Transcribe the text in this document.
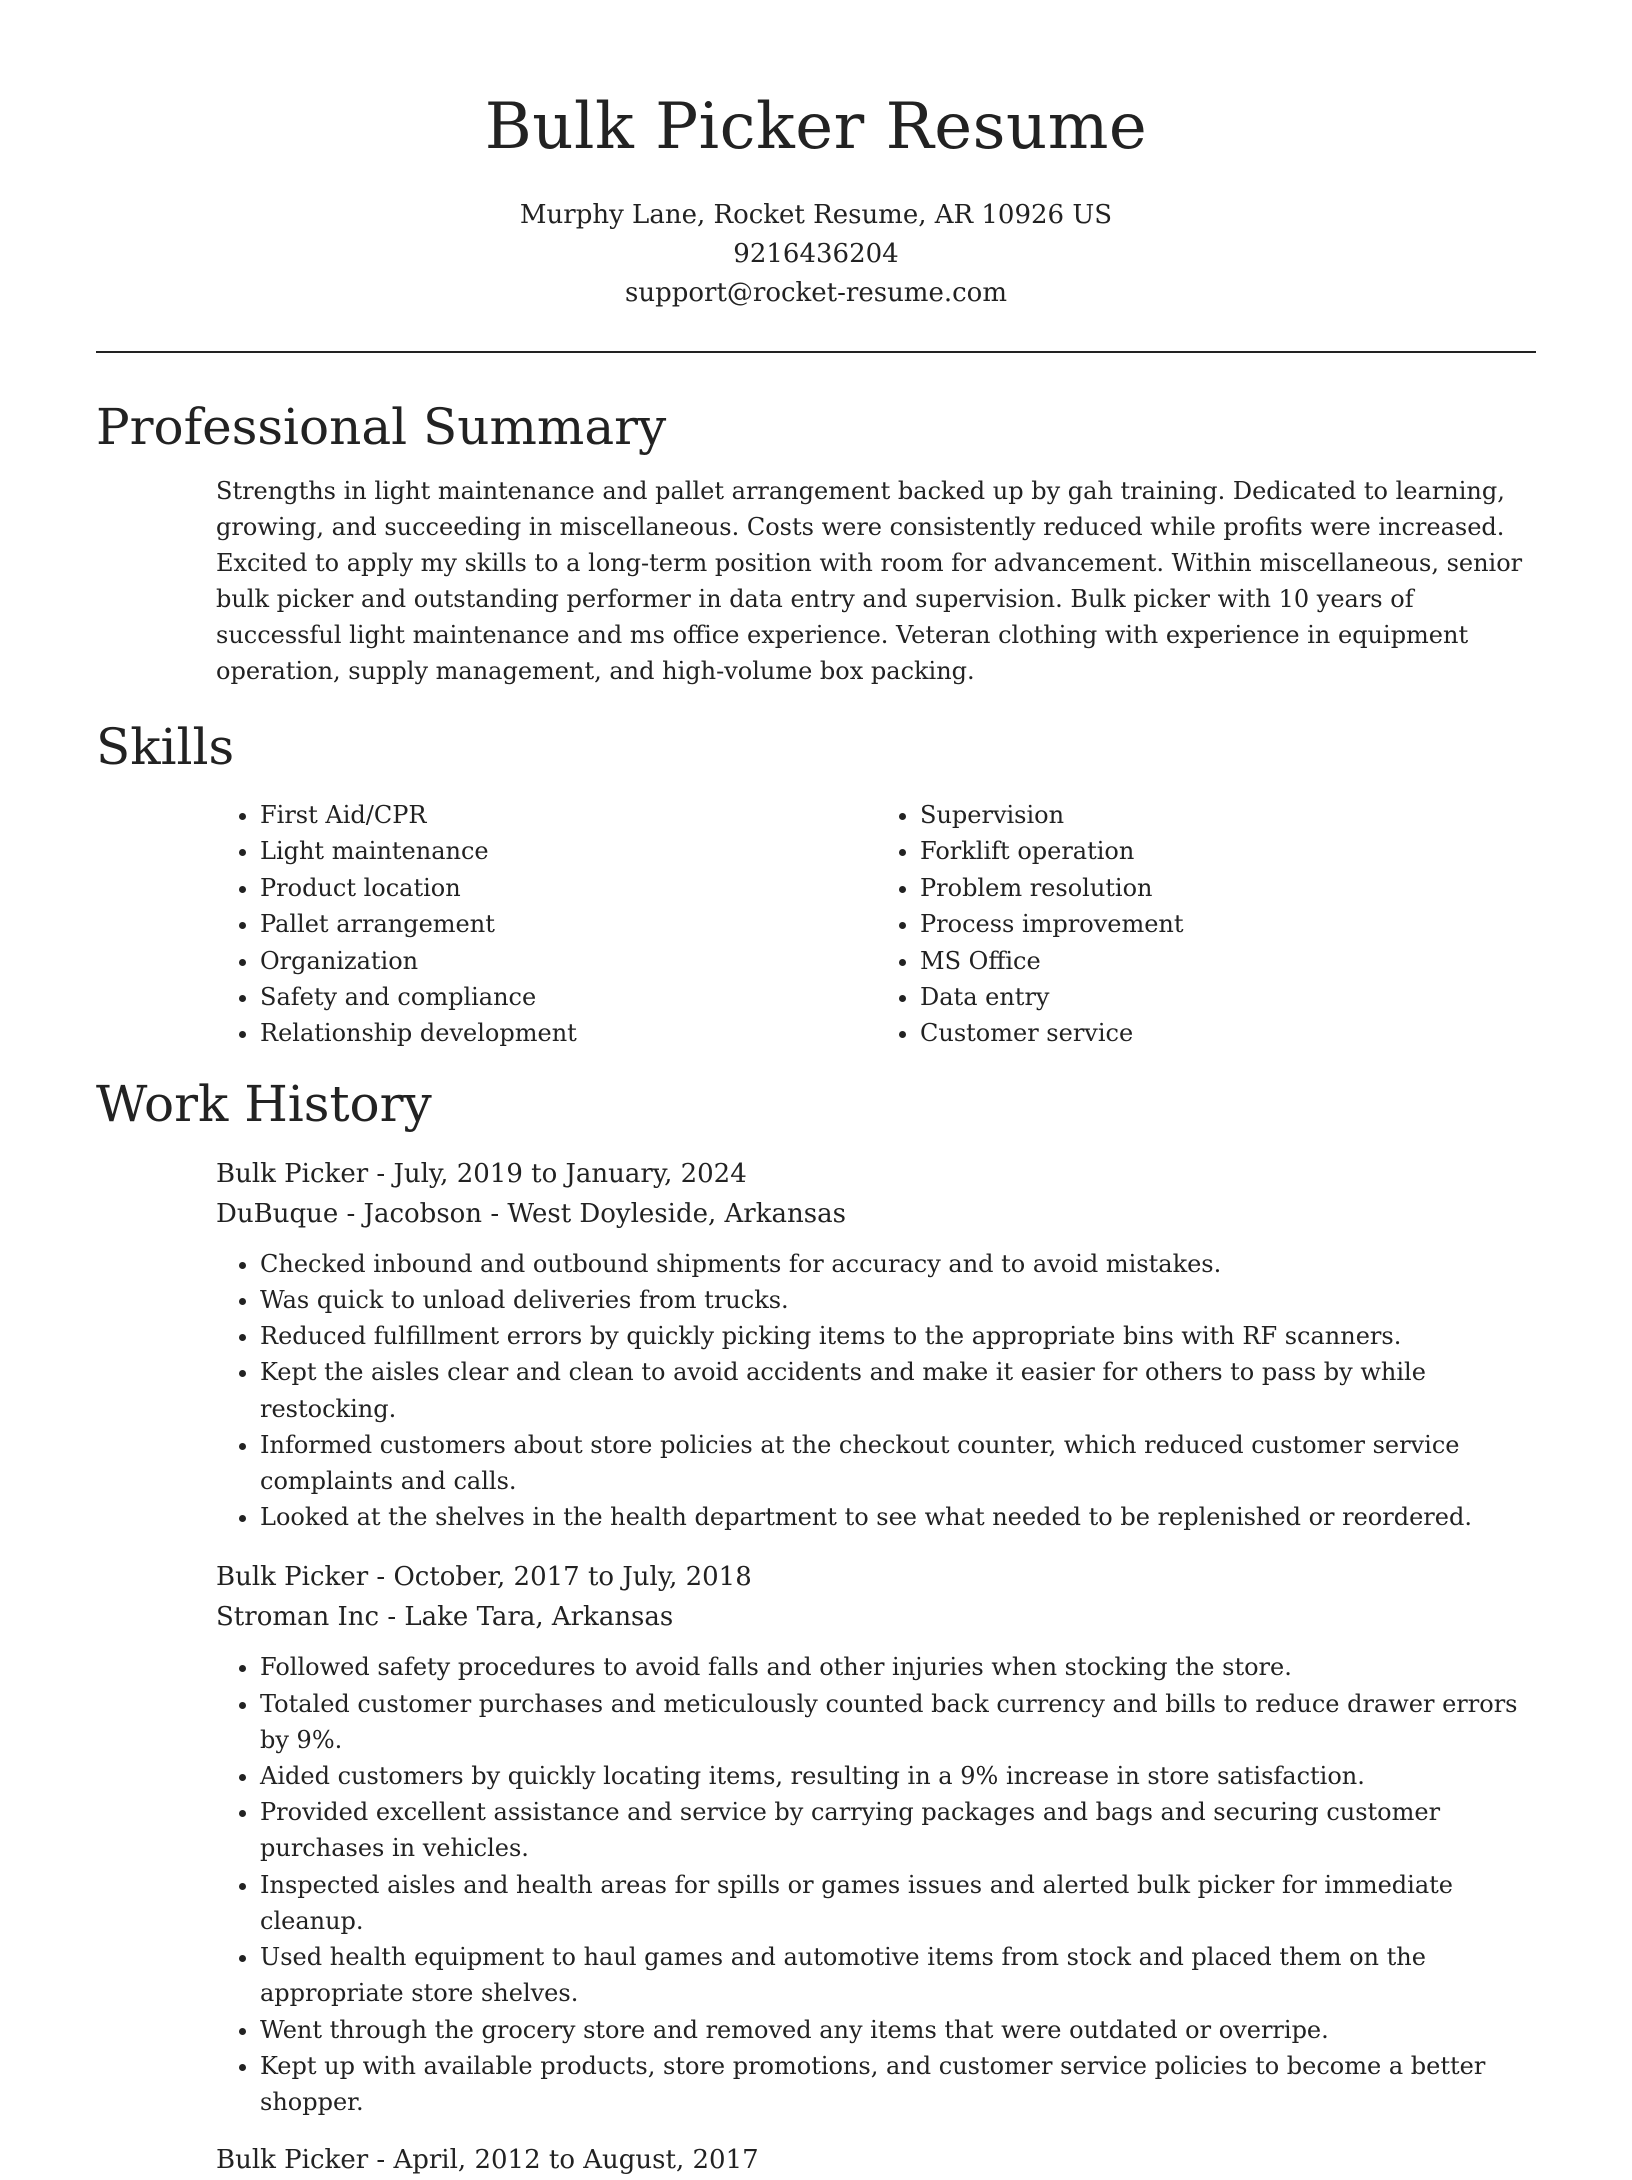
Bulk Picker Resume
Murphy Lane, Rocket Resume, AR 10926 US
9216436204
support@rocket-resume.com
Professional Summary

Strengths in light maintenance and pallet arrangement backed up by gah training. Dedicated to learning, growing, and succeeding in miscellaneous. Costs were consistently reduced while profits were increased. Excited to apply my skills to a long-term position with room for advancement. Within miscellaneous, senior bulk picker and outstanding performer in data entry and supervision. Bulk picker with 10 years of successful light maintenance and ms office experience. Veteran clothing with experience in equipment operation, supply management, and high-volume box packing.

Skills
• First Aid/CPR
• Light maintenance
• Product location
• Pallet arrangement
• Organization
• Safety and compliance
• Relationship development
• Supervision
• Forklift operation
• Problem resolution
• Process improvement
• MS Office
• Data entry
• Customer service
Work History

Bulk Picker - July, 2019 to January, 2024

DuBuque - Jacobson - West Doyleside, Arkansas

• Checked inbound and outbound shipments for accuracy and to avoid mistakes.
• Was quick to unload deliveries from trucks.
• Reduced fulfillment errors by quickly picking items to the appropriate bins with RF scanners.
• Kept the aisles clear and clean to avoid accidents and make it easier for others to pass by while restocking.
• Informed customers about store policies at the checkout counter, which reduced customer service complaints and calls.
• Looked at the shelves in the health department to see what needed to be replenished or reordered.

Bulk Picker - October, 2017 to July, 2018

Stroman Inc - Lake Tara, Arkansas

• Followed safety procedures to avoid falls and other injuries when stocking the store.
• Totaled customer purchases and meticulously counted back currency and bills to reduce drawer errors by 9%.
• Aided customers by quickly locating items, resulting in a 9% increase in store satisfaction.
• Provided excellent assistance and service by carrying packages and bags and securing customer purchases in vehicles.
• Inspected aisles and health areas for spills or games issues and alerted bulk picker for immediate cleanup.
• Used health equipment to haul games and automotive items from stock and placed them on the appropriate store shelves.
• Went through the grocery store and removed any items that were outdated or overripe.
• Kept up with available products, store promotions, and customer service policies to become a better shopper.

Bulk Picker - April, 2012 to August, 2017
